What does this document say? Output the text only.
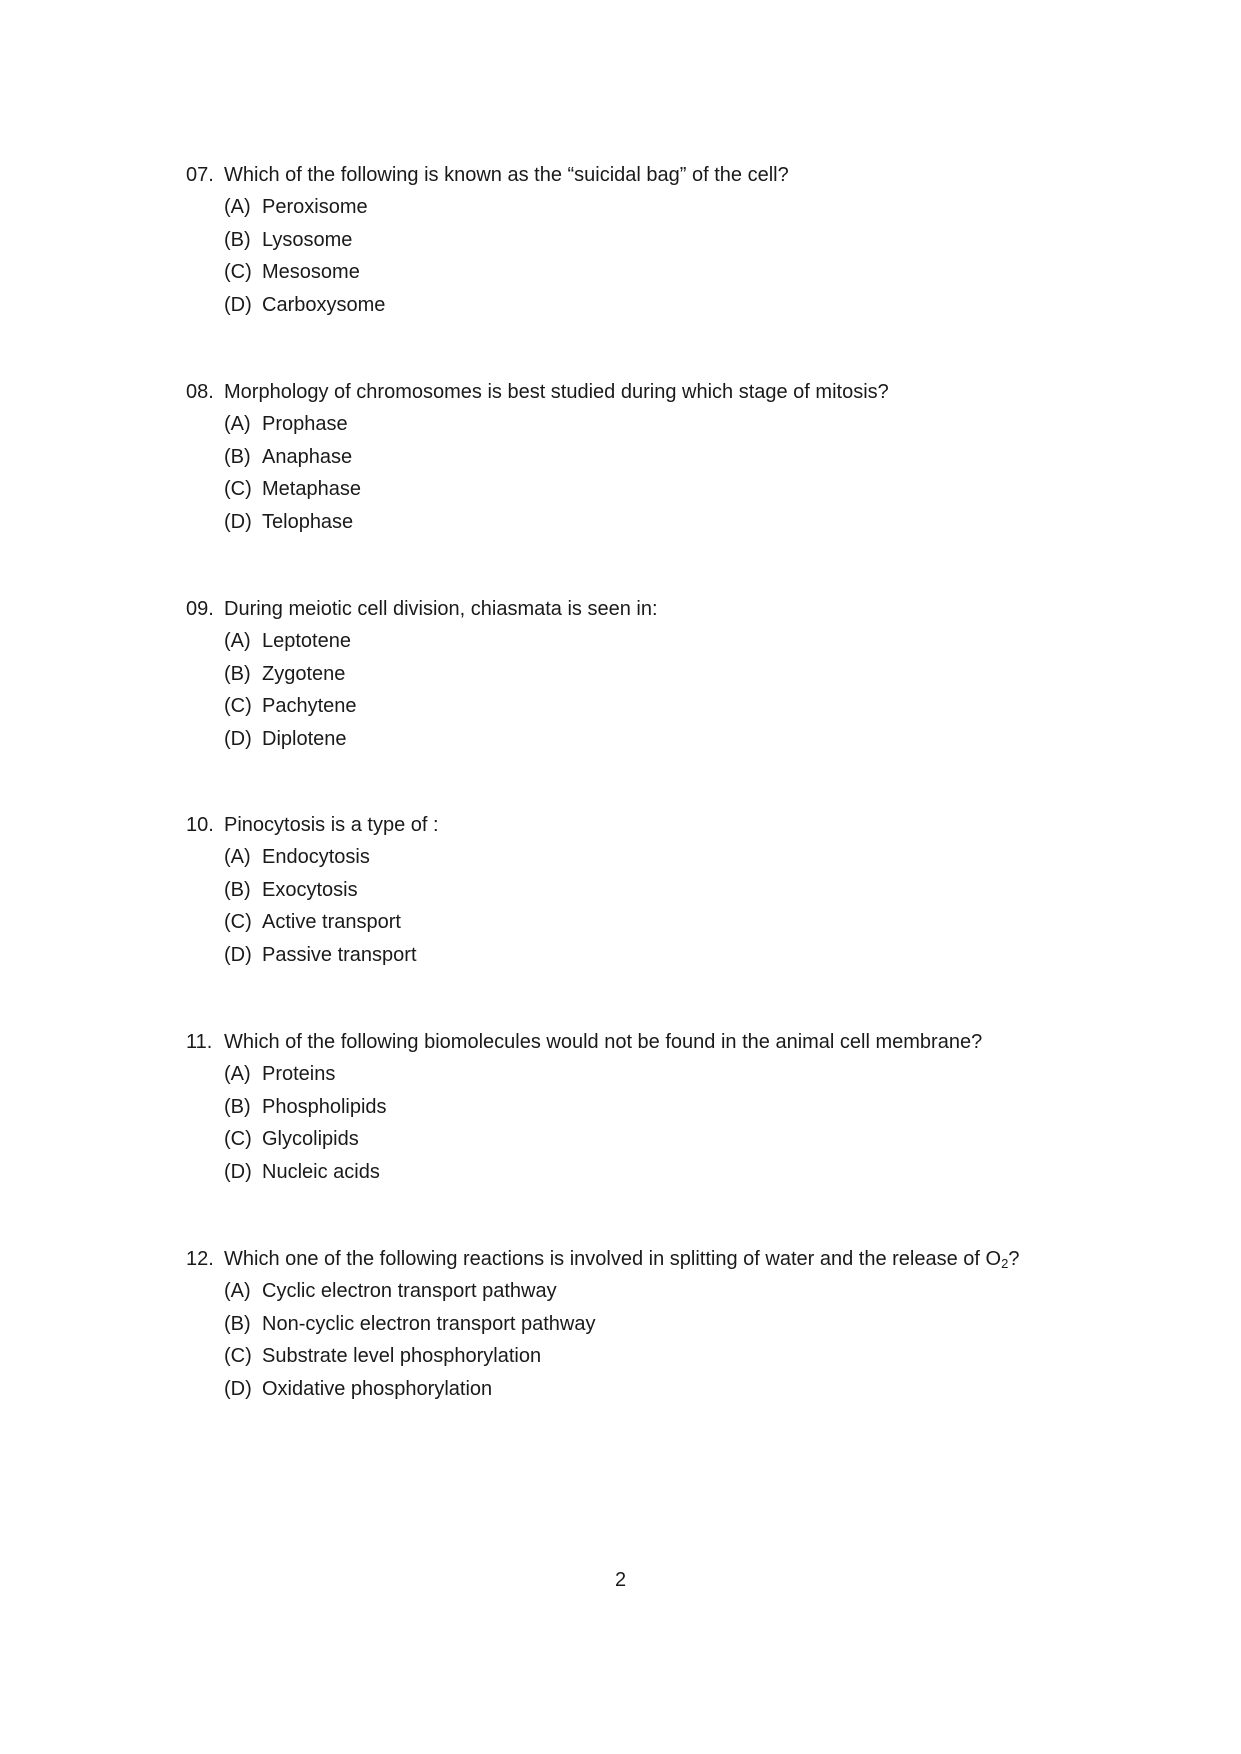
07. Which of the following is known as the “suicidal bag” of the cell?
(A) Peroxisome
(B) Lysosome
(C) Mesosome
(D) Carboxysome
08. Morphology of chromosomes is best studied during which stage of mitosis?
(A) Prophase
(B) Anaphase
(C) Metaphase
(D) Telophase
09. During meiotic cell division, chiasmata is seen in:
(A) Leptotene
(B) Zygotene
(C) Pachytene
(D) Diplotene
10. Pinocytosis is a type of :
(A) Endocytosis
(B) Exocytosis
(C) Active transport
(D) Passive transport
11. Which of the following biomolecules would not be found in the animal cell membrane?
(A) Proteins
(B) Phospholipids
(C) Glycolipids
(D) Nucleic acids
12. Which one of the following reactions is involved in splitting of water and the release of $O_2$?
(A) Cyclic electron transport pathway
(B) Non-cyclic electron transport pathway
(C) Substrate level phosphorylation
(D) Oxidative phosphorylation
2
